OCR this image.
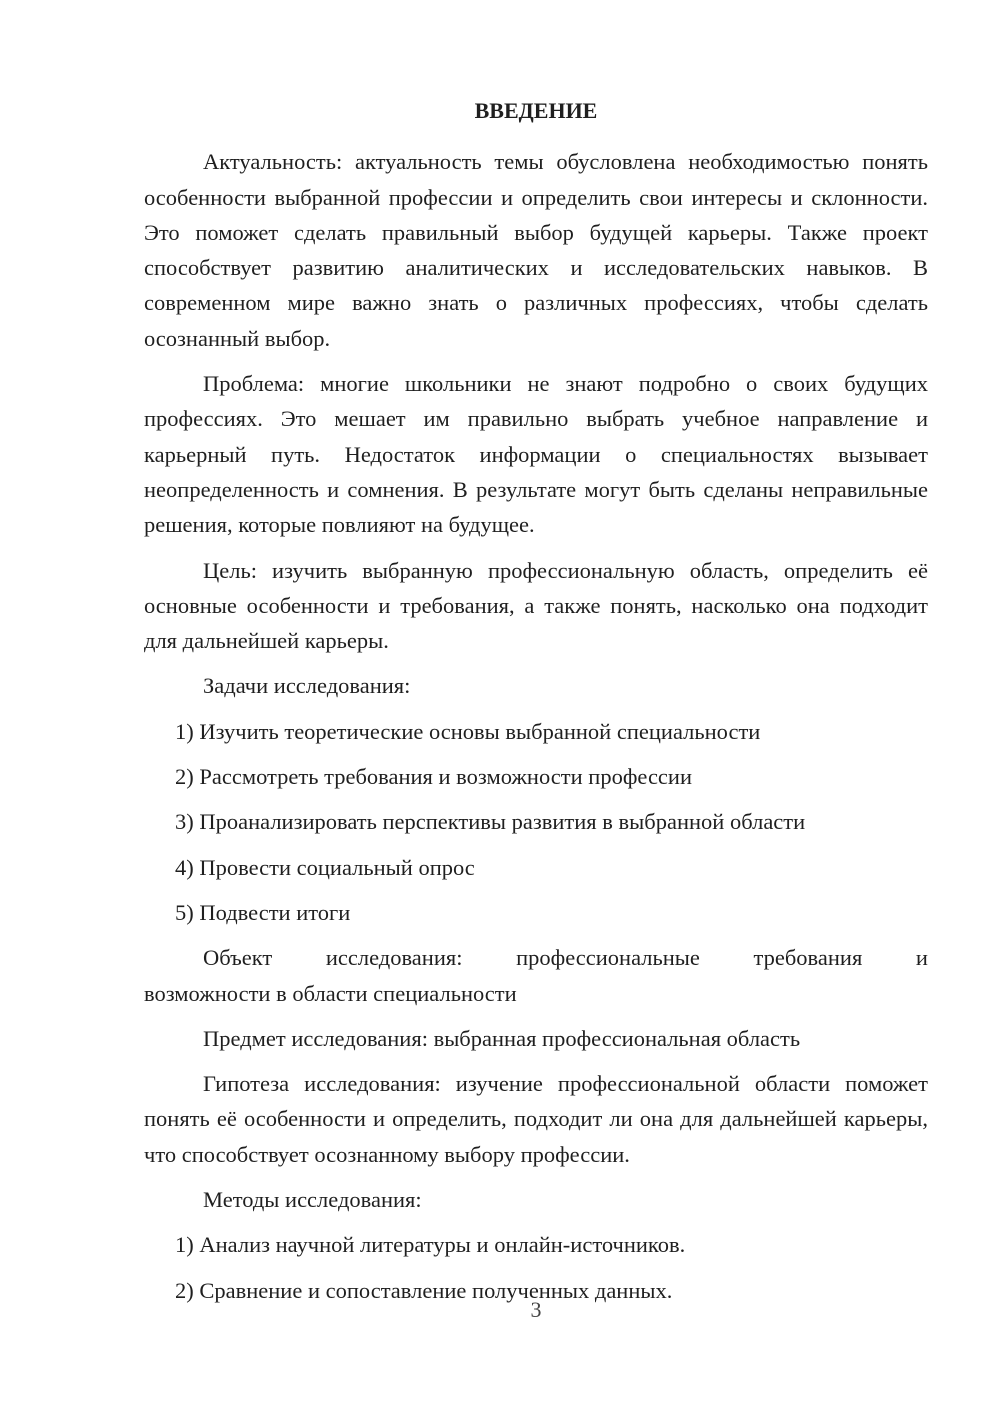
ВВЕДЕНИЕ

Актуальность: актуальность темы обусловлена необходимостью понять особенности выбранной профессии и определить свои интересы и склонности. Это поможет сделать правильный выбор будущей карьеры. Также проект способствует развитию аналитических и исследовательских навыков. В современном мире важно знать о различных профессиях, чтобы сделать осознанный выбор.

Проблема: многие школьники не знают подробно о своих будущих профессиях. Это мешает им правильно выбрать учебное направление и карьерный путь. Недостаток информации о специальностях вызывает неопределенность и сомнения. В результате могут быть сделаны неправильные решения, которые повлияют на будущее.

Цель: изучить выбранную профессиональную область, определить её основные особенности и требования, а также понять, насколько она подходит для дальнейшей карьеры.

Задачи исследования:
1) Изучить теоретические основы выбранной специальности
2) Рассмотреть требования и возможности профессии
3) Проанализировать перспективы развития в выбранной области
4) Провести социальный опрос
5) Подвести итоги
Объект исследования: профессиональные требования и
возможности в области специальности
Предмет исследования: выбранная профессиональная область

Гипотеза исследования: изучение профессиональной области поможет понять её особенности и определить, подходит ли она для дальнейшей карьеры, что способствует осознанному выбору профессии.

Методы исследования:
1) Анализ научной литературы и онлайн-источников.
2) Сравнение и сопоставление полученных данных.
3
